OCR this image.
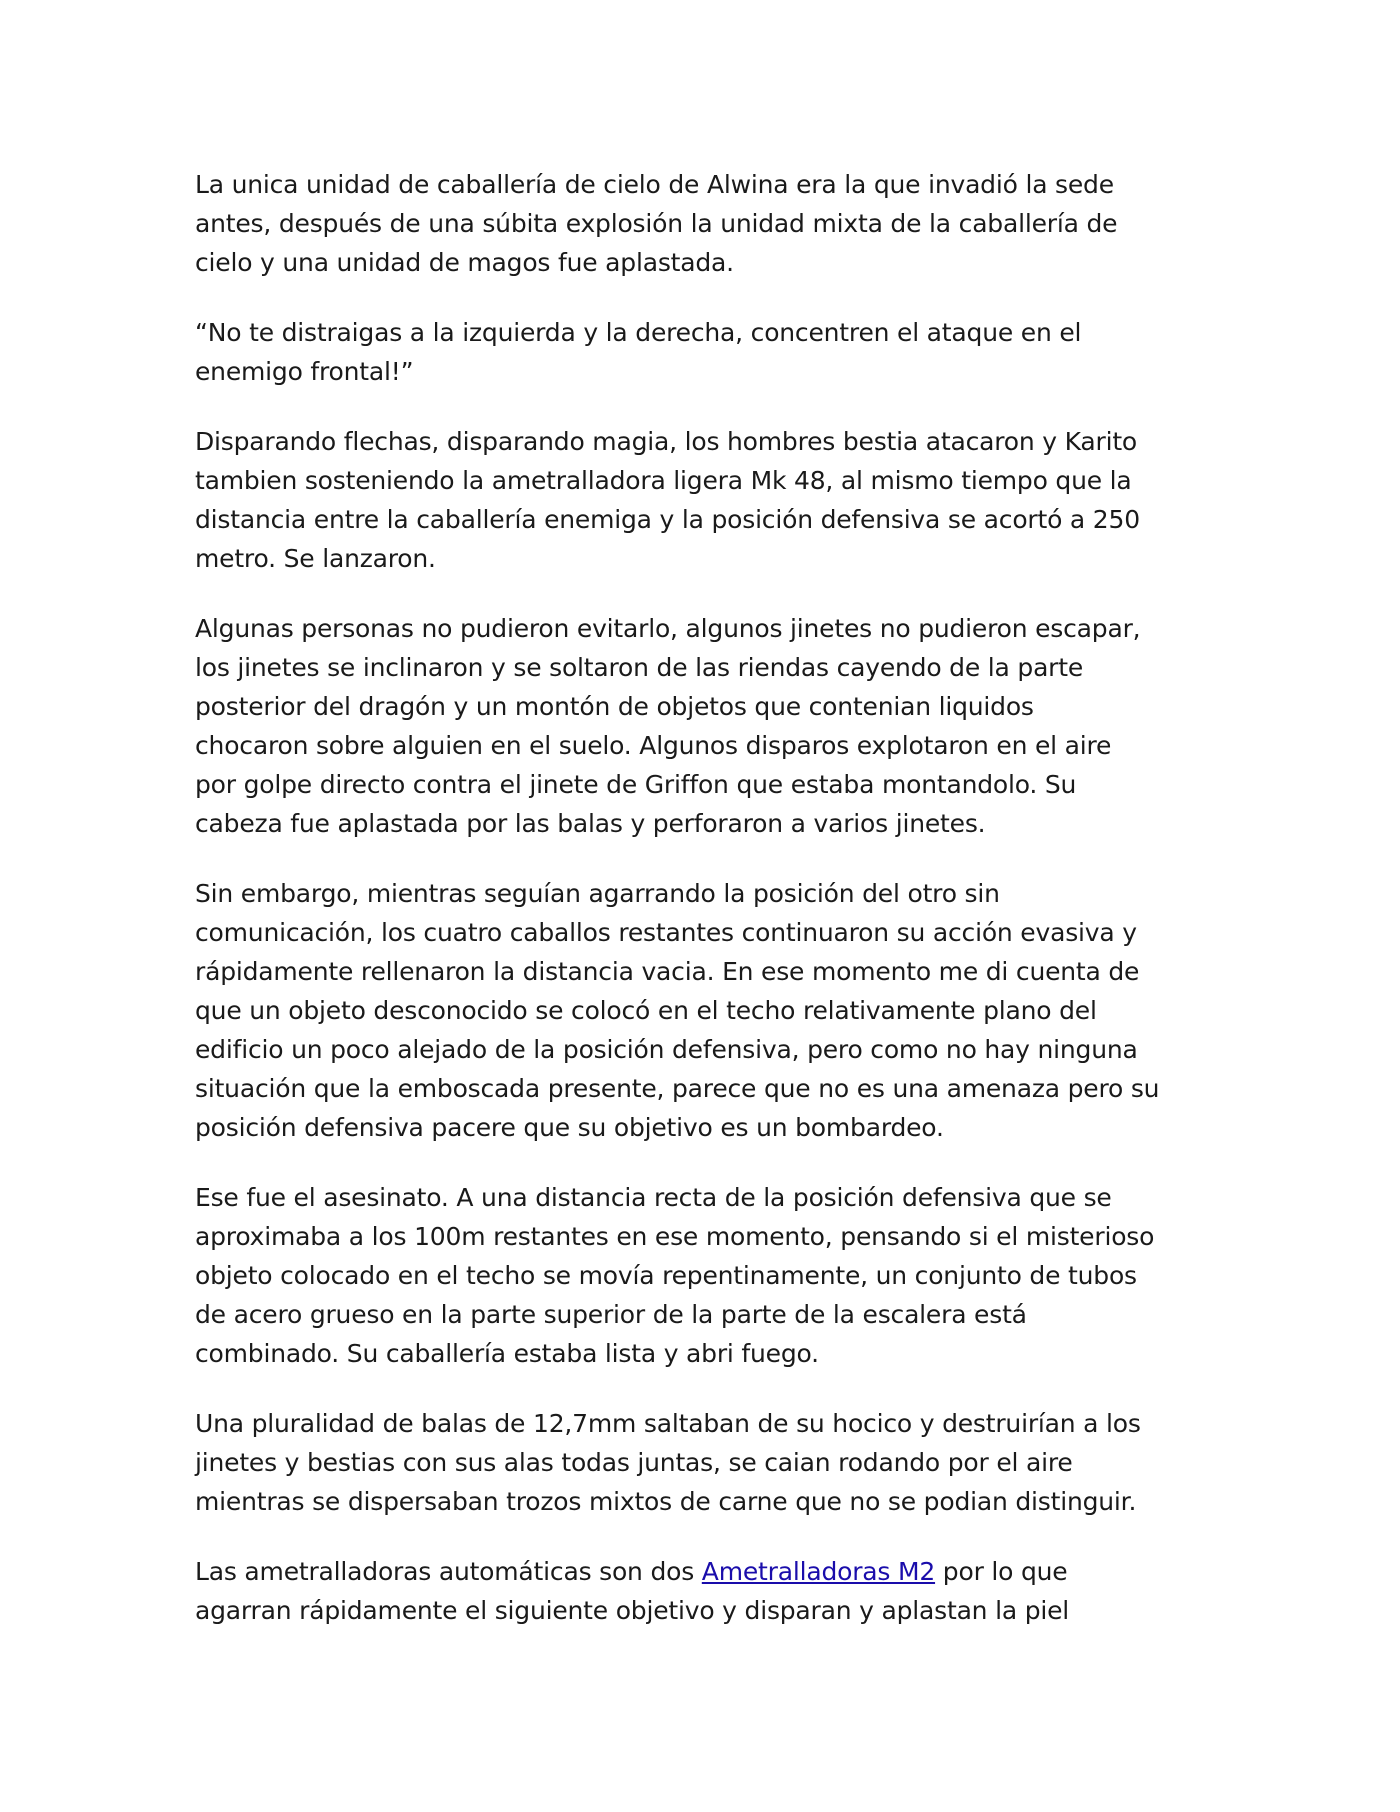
La unica unidad de caballería de cielo de Alwina era la que invadió la sede
antes, después de una súbita explosión la unidad mixta de la caballería de
cielo y una unidad de magos fue aplastada.

“No te distraigas a la izquierda y la derecha, concentren el ataque en el
enemigo frontal!”

Disparando flechas, disparando magia, los hombres bestia atacaron y Karito
tambien sosteniendo la ametralladora ligera Mk 48, al mismo tiempo que la
distancia entre la caballería enemiga y la posición defensiva se acortó a 250
metro. Se lanzaron.

Algunas personas no pudieron evitarlo, algunos jinetes no pudieron escapar,
los jinetes se inclinaron y se soltaron de las riendas cayendo de la parte
posterior del dragón y un montón de objetos que contenian liquidos
chocaron sobre alguien en el suelo. Algunos disparos explotaron en el aire
por golpe directo contra el jinete de Griffon que estaba montandolo. Su
cabeza fue aplastada por las balas y perforaron a varios jinetes.

Sin embargo, mientras seguían agarrando la posición del otro sin
comunicación, los cuatro caballos restantes continuaron su acción evasiva y
rápidamente rellenaron la distancia vacia. En ese momento me di cuenta de
que un objeto desconocido se colocó en el techo relativamente plano del
edificio un poco alejado de la posición defensiva, pero como no hay ninguna
situación que la emboscada presente, parece que no es una amenaza pero su
posición defensiva pacere que su objetivo es un bombardeo.

Ese fue el asesinato. A una distancia recta de la posición defensiva que se
aproximaba a los 100m restantes en ese momento, pensando si el misterioso
objeto colocado en el techo se movía repentinamente, un conjunto de tubos
de acero grueso en la parte superior de la parte de la escalera está
combinado. Su caballería estaba lista y abri fuego.

Una pluralidad de balas de 12,7mm saltaban de su hocico y destruirían a los
jinetes y bestias con sus alas todas juntas, se caian rodando por el aire
mientras se dispersaban trozos mixtos de carne que no se podian distinguir.

Las ametralladoras automáticas son dos Ametralladoras M2 por lo que
agarran rápidamente el siguiente objetivo y disparan y aplastan la piel
